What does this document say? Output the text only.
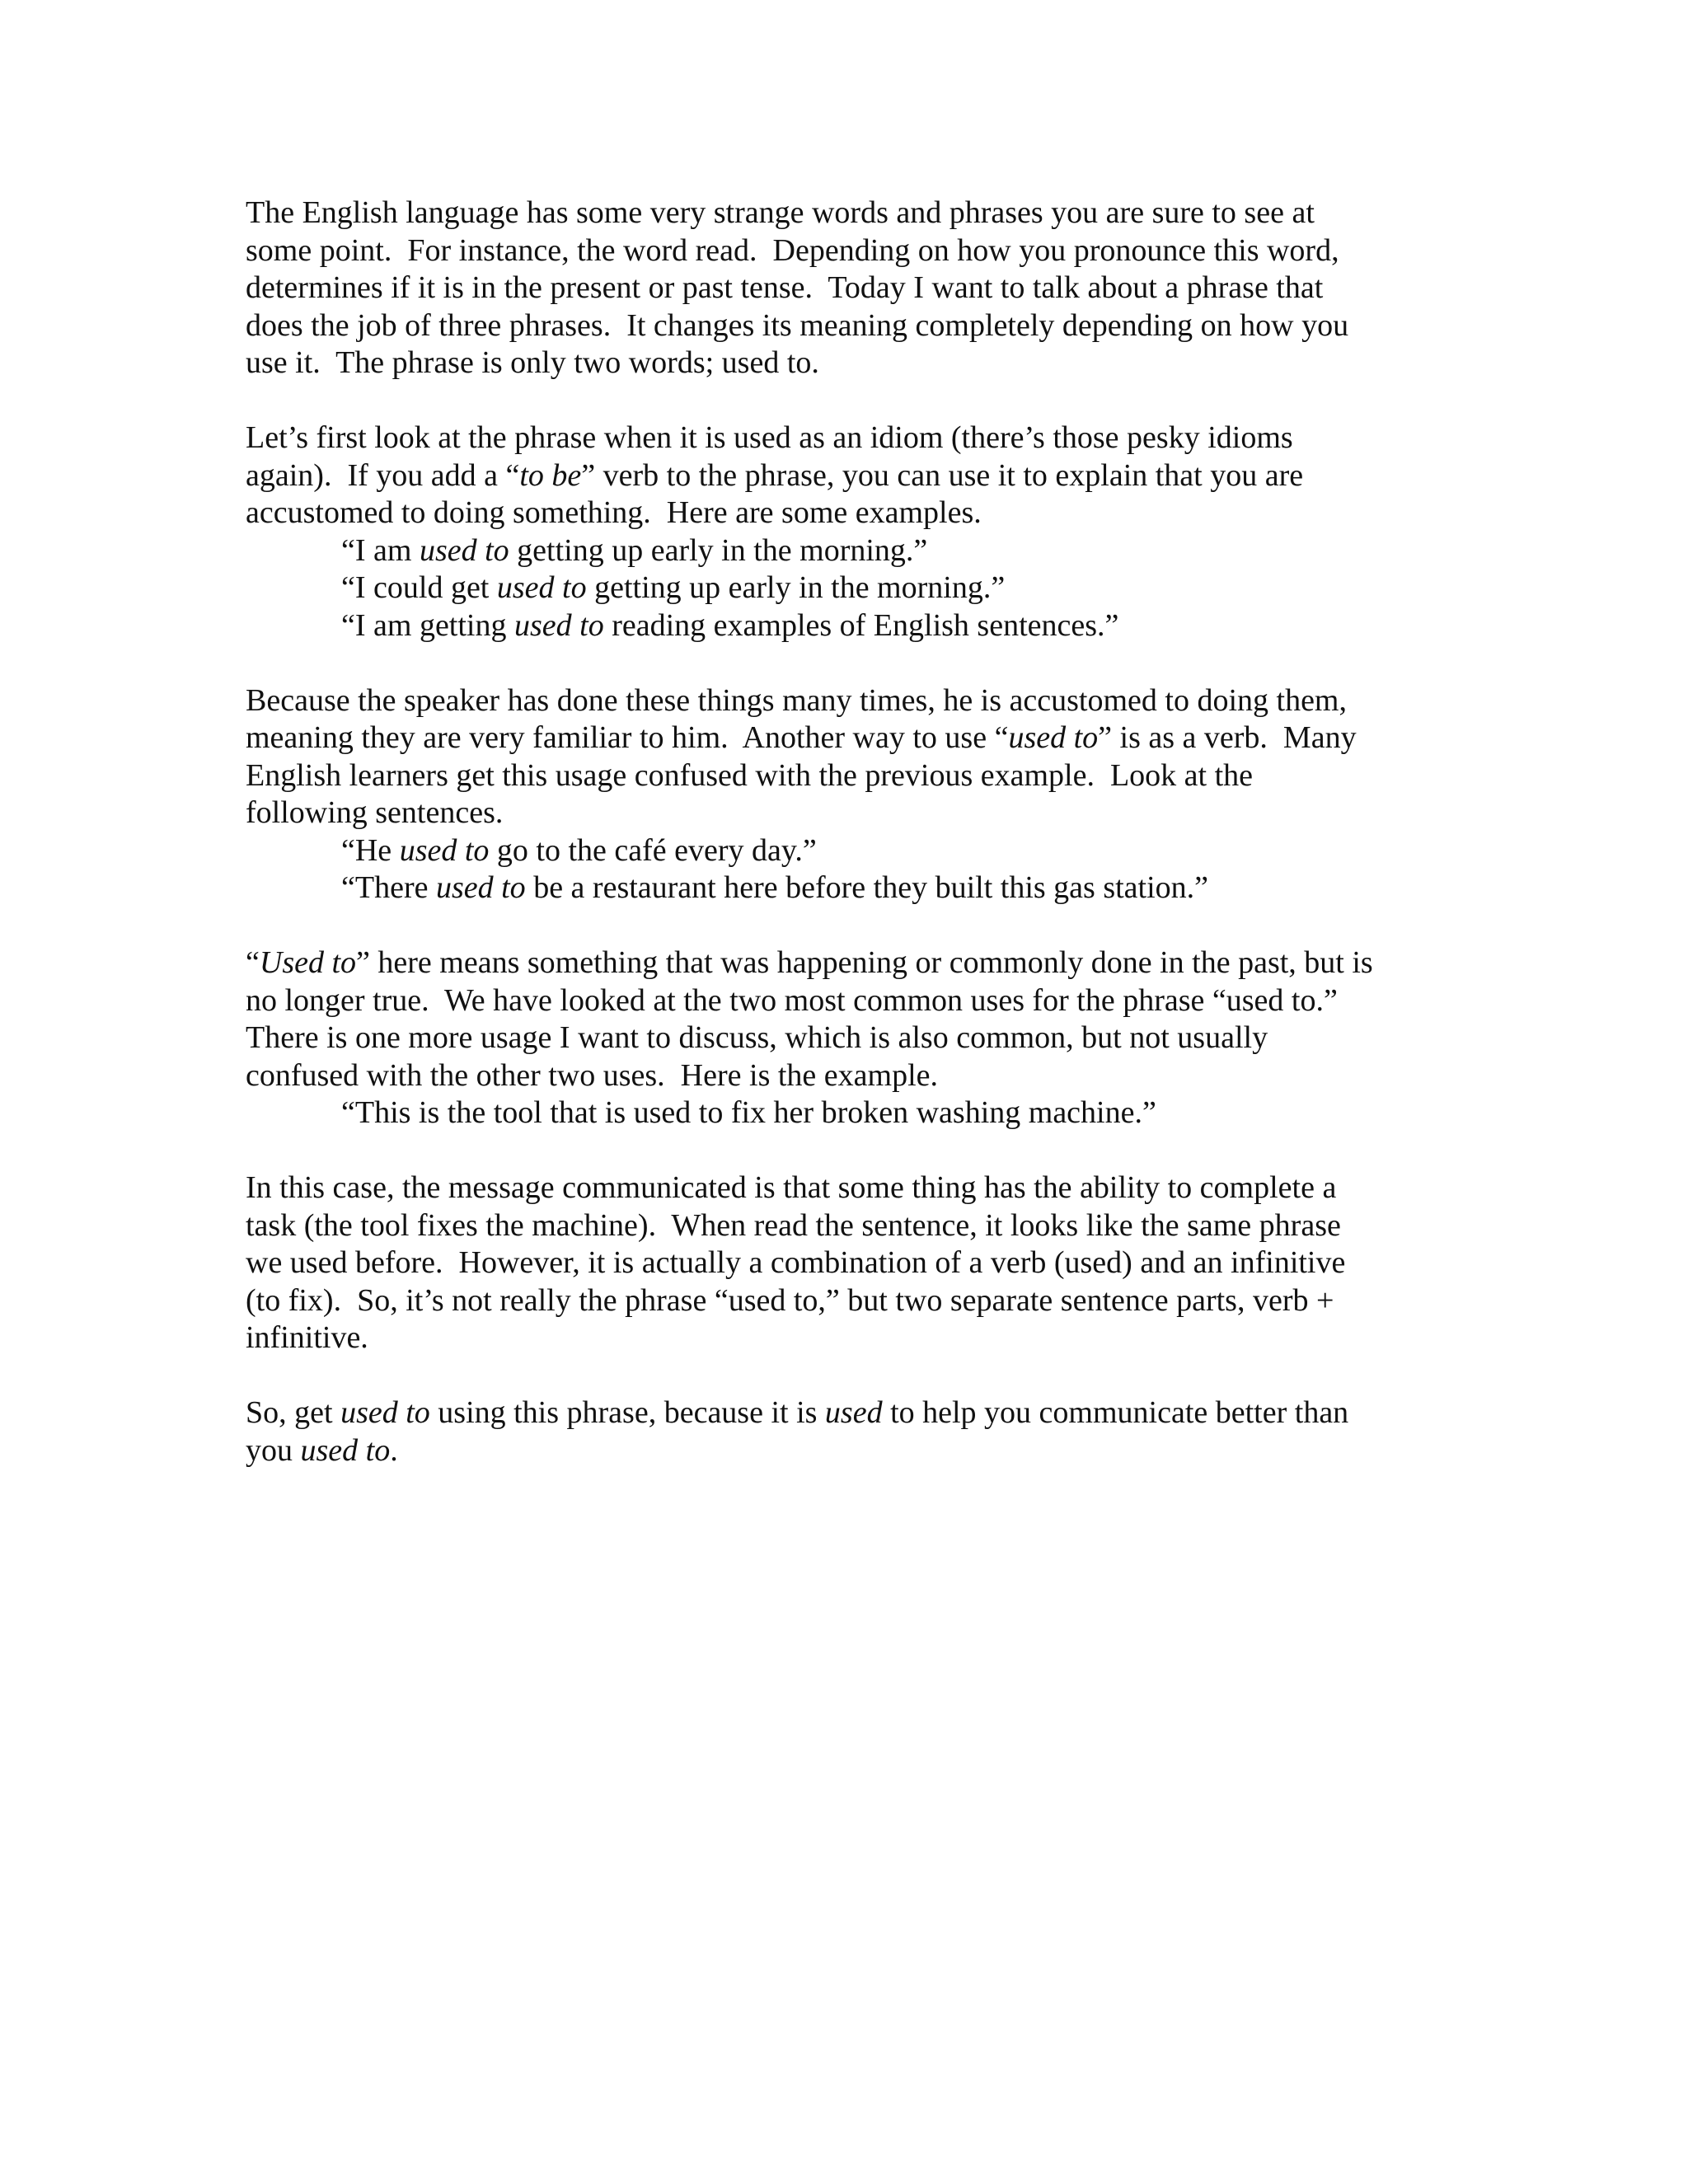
The English language has some very strange words and phrases you are sure to see at
some point.  For instance, the word read.  Depending on how you pronounce this word,
determines if it is in the present or past tense.  Today I want to talk about a phrase that
does the job of three phrases.  It changes its meaning completely depending on how you
use it.  The phrase is only two words; used to.
Let’s first look at the phrase when it is used as an idiom (there’s those pesky idioms
again).  If you add a “to be” verb to the phrase, you can use it to explain that you are
accustomed to doing something.  Here are some examples.
“I am used to getting up early in the morning.”
“I could get used to getting up early in the morning.”
“I am getting used to reading examples of English sentences.”
Because the speaker has done these things many times, he is accustomed to doing them,
meaning they are very familiar to him.  Another way to use “used to” is as a verb.  Many
English learners get this usage confused with the previous example.  Look at the
following sentences.
“He used to go to the café every day.”
“There used to be a restaurant here before they built this gas station.”
“Used to” here means something that was happening or commonly done in the past, but is
no longer true.  We have looked at the two most common uses for the phrase “used to.”
There is one more usage I want to discuss, which is also common, but not usually
confused with the other two uses.  Here is the example.
“This is the tool that is used to fix her broken washing machine.”
In this case, the message communicated is that some thing has the ability to complete a
task (the tool fixes the machine).  When read the sentence, it looks like the same phrase
we used before.  However, it is actually a combination of a verb (used) and an infinitive
(to fix).  So, it’s not really the phrase “used to,” but two separate sentence parts, verb +
infinitive.
So, get used to using this phrase, because it is used to help you communicate better than
you used to.
